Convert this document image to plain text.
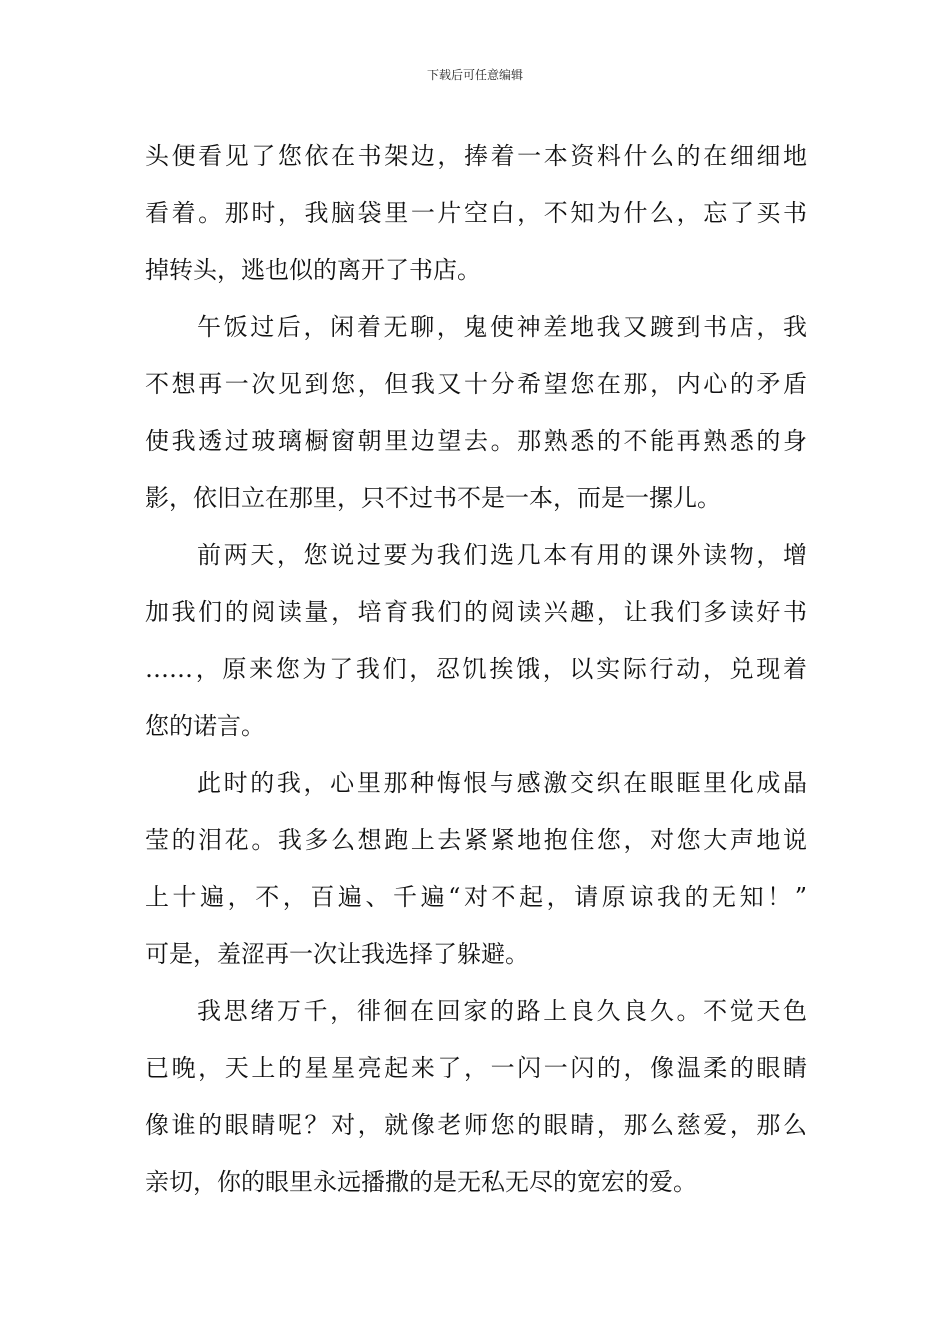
下载后可任意编辑
头便看见了您依在书架边，捧着一本资料什么的在细细地
看着。那时，我脑袋里一片空白，不知为什么，忘了买书
掉转头，逃也似的离开了书店。
午饭过后，闲着无聊，鬼使神差地我又踱到书店，我
不想再一次见到您，但我又十分希望您在那，内心的矛盾
使我透过玻璃橱窗朝里边望去。那熟悉的不能再熟悉的身
影，依旧立在那里，只不过书不是一本，而是一摞儿。
前两天，您说过要为我们选几本有用的课外读物，增
加我们的阅读量，培育我们的阅读兴趣，让我们多读好书
……，原来您为了我们，忍饥挨饿，以实际行动，兑现着
您的诺言。
此时的我，心里那种悔恨与感激交织在眼眶里化成晶
莹的泪花。我多么想跑上去紧紧地抱住您，对您大声地说
上十遍，不，百遍、千遍“对不起，请原谅我的无知！”
可是，羞涩再一次让我选择了躲避。
我思绪万千，徘徊在回家的路上良久良久。不觉天色
已晚，天上的星星亮起来了，一闪一闪的，像温柔的眼睛
像谁的眼睛呢？对，就像老师您的眼睛，那么慈爱，那么
亲切，你的眼里永远播撒的是无私无尽的宽宏的爱。
